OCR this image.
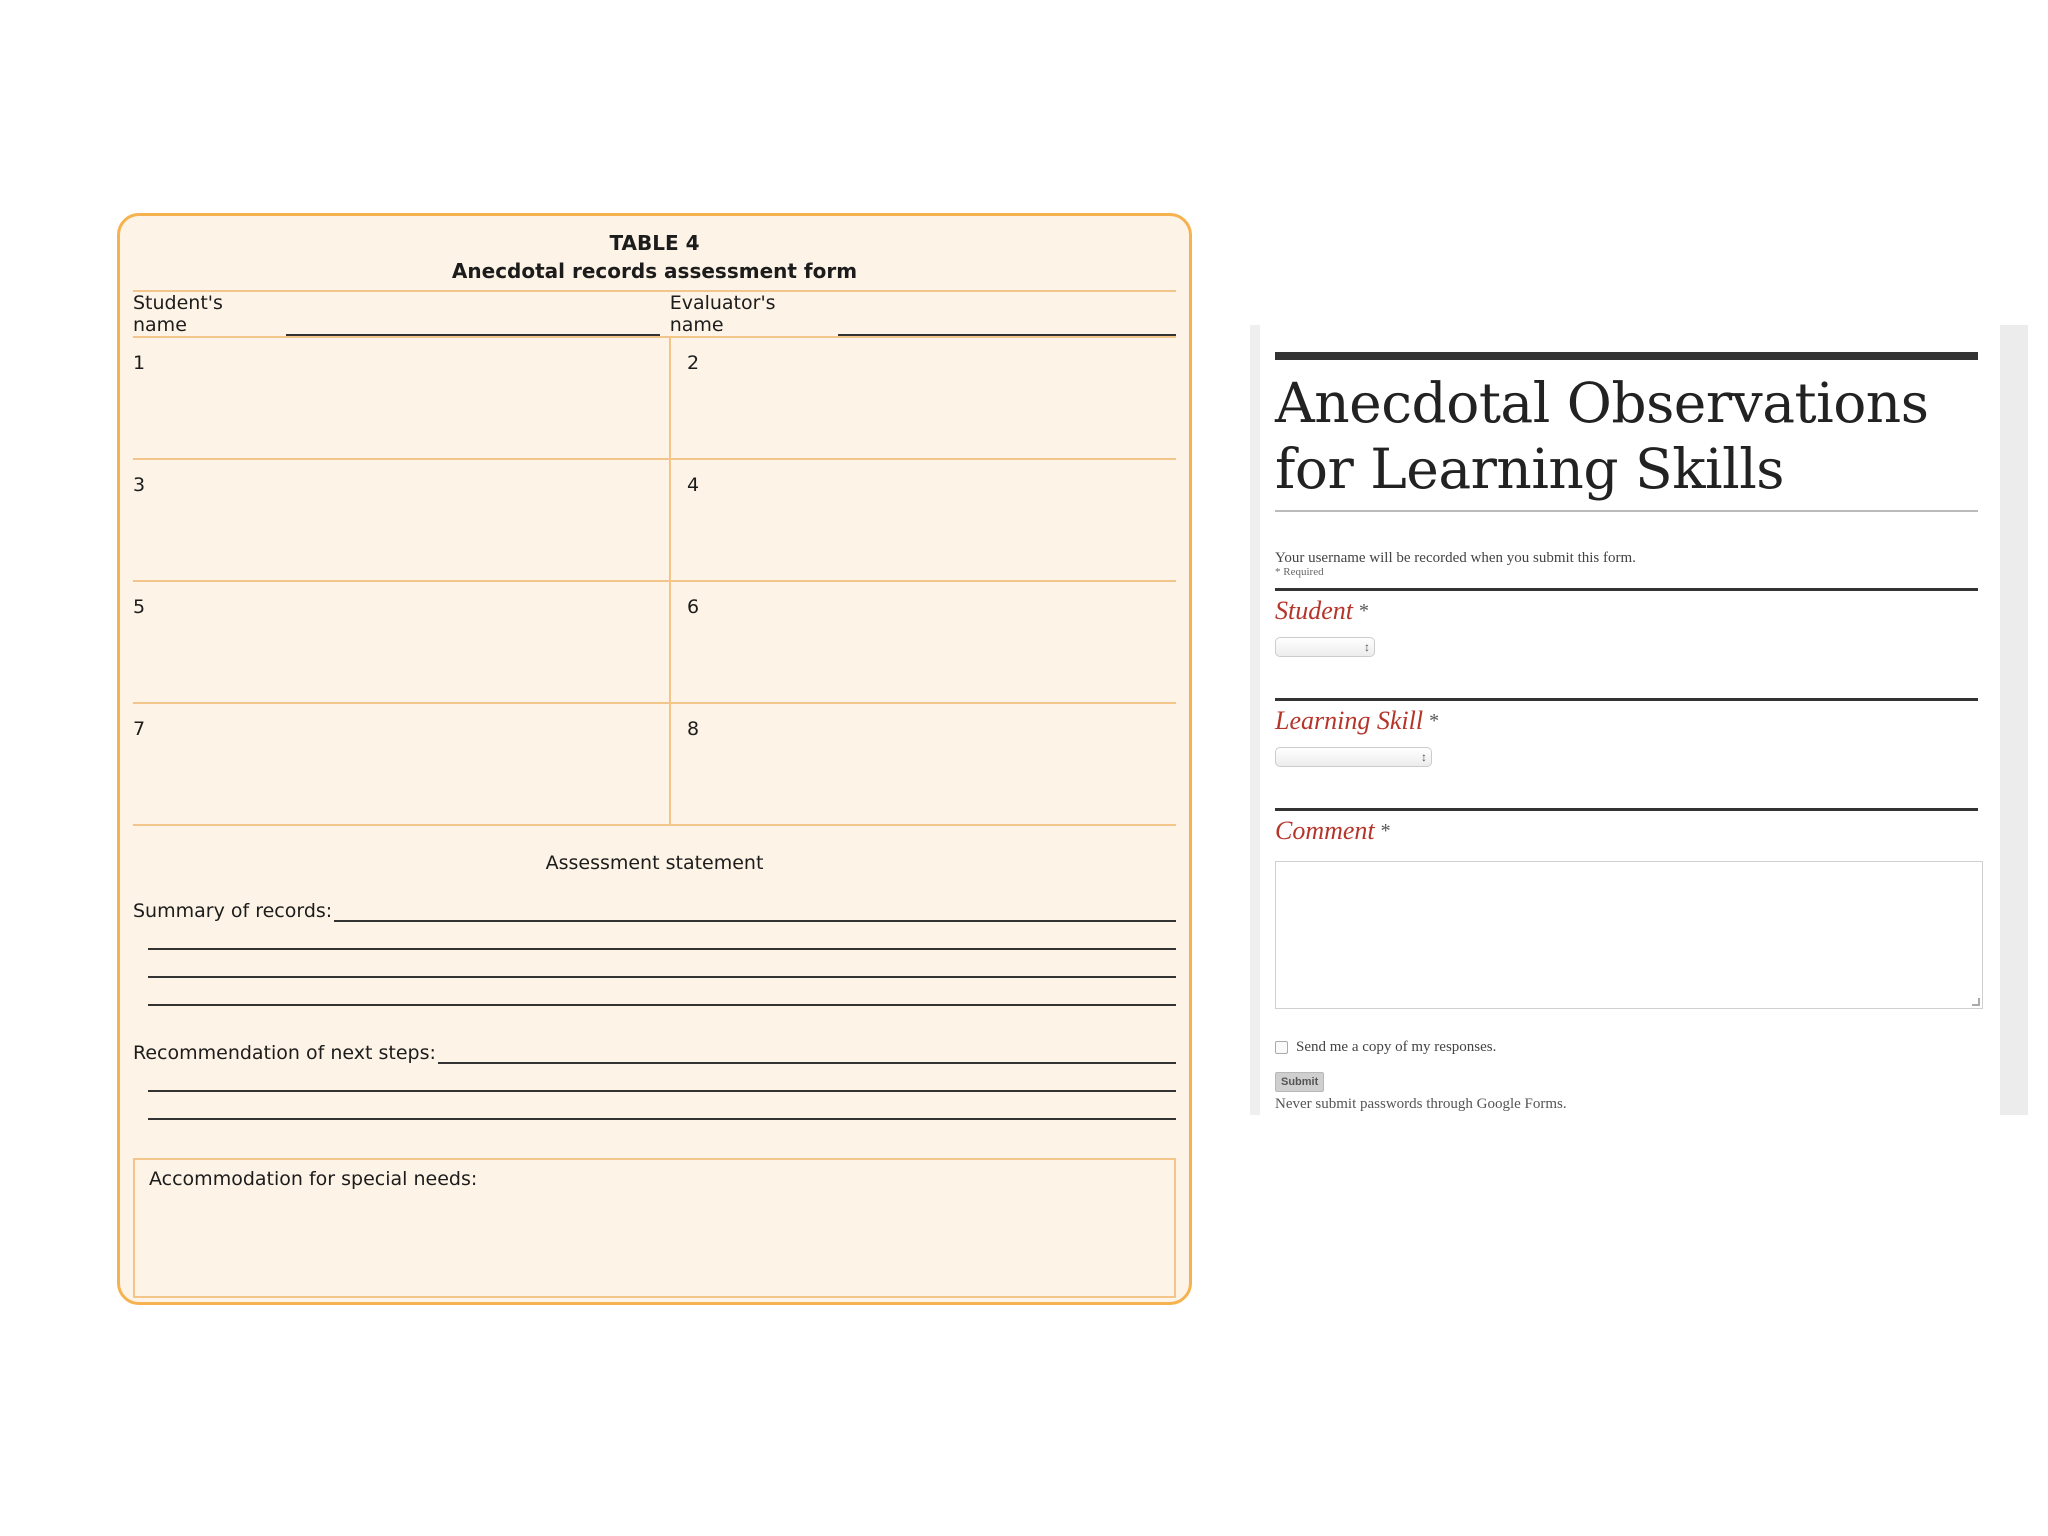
TABLE 4
Anecdotal records assessment form
Student's name
Evaluator's name
1	2
3	4
5	6
7	8
Assessment statement
Summary of records:
Recommendation of next steps:
Accommodation for special needs:
Anecdotal Observations for Learning Skills
Your username will be recorded when you submit this form.
* Required
Student *
↕
Learning Skill *
↕
Comment *
Send me a copy of my responses.
Submit
Never submit passwords through Google Forms.
